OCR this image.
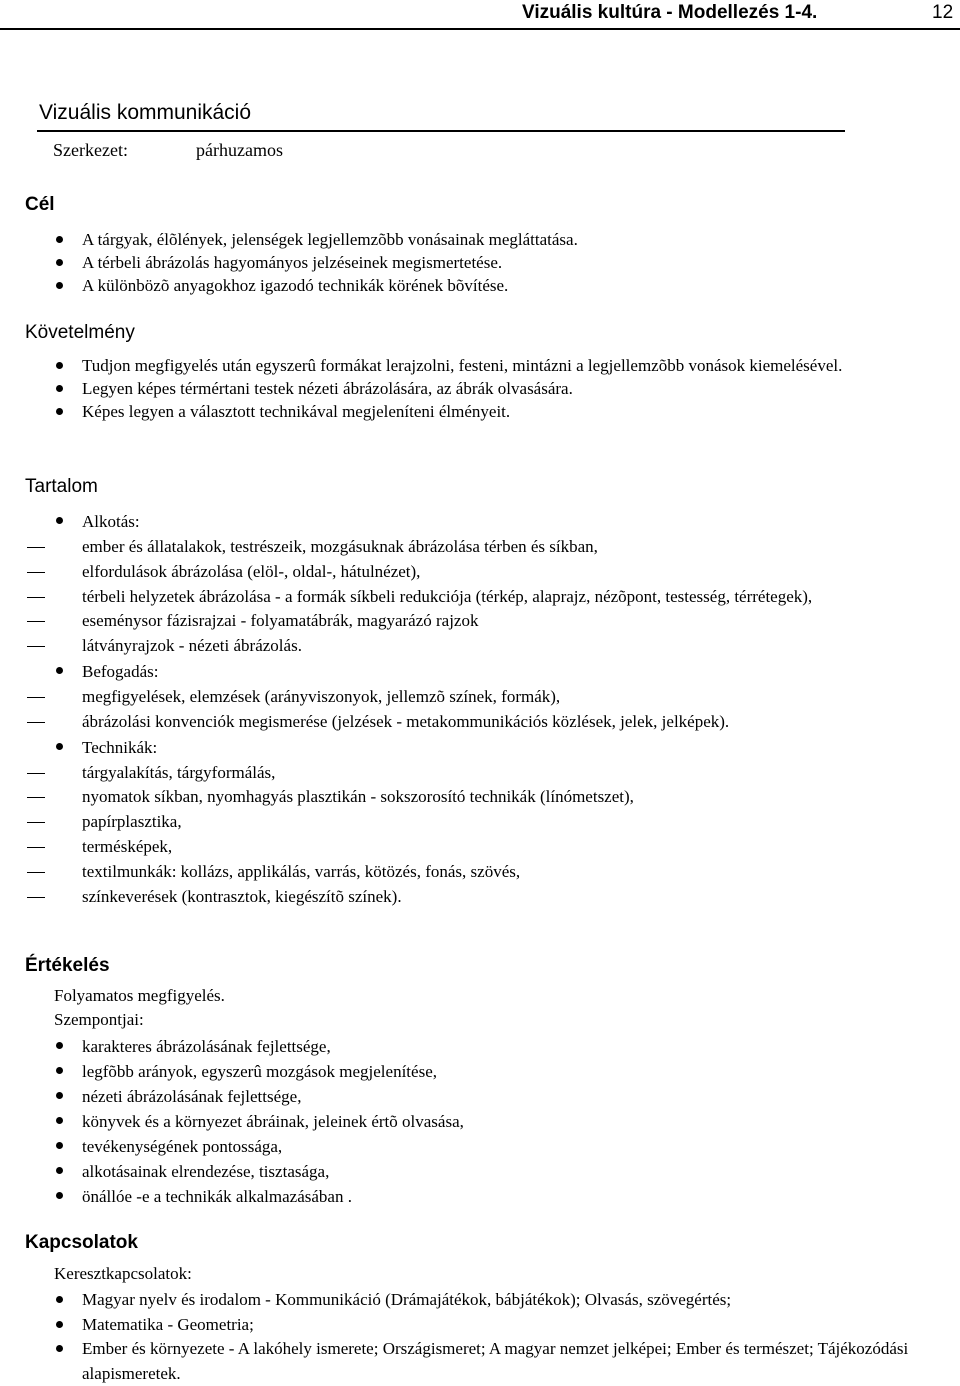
Vizuális kultúra - Modellezés 1-4.	12
Vizuális kommunikáció
Szerkezet:	párhuzamos
Cél
A tárgyak, élõlények, jelenségek legjellemzõbb vonásainak megláttatása.
A térbeli ábrázolás hagyományos jelzéseinek megismertetése.
A különbözõ anyagokhoz igazodó technikák körének bõvítése.
Követelmény
Tudjon megfigyelés után egyszerû formákat lerajzolni, festeni, mintázni a legjellemzõbb vonások kiemelésével.
Legyen képes térmértani testek nézeti ábrázolására, az ábrák olvasására.
Képes legyen a választott technikával megjeleníteni élményeit.
Tartalom
Alkotás:
ember és állatalakok, testrészeik, mozgásuknak ábrázolása térben és síkban,
elfordulások ábrázolása (elöl-, oldal-, hátulnézet),
térbeli helyzetek ábrázolása - a formák síkbeli redukciója (térkép, alaprajz, nézõpont, testesség, térrétegek),
eseménysor fázisrajzai - folyamatábrák, magyarázó rajzok
látványrajzok - nézeti ábrázolás.
Befogadás:
megfigyelések, elemzések (arányviszonyok, jellemzõ színek, formák),
ábrázolási konvenciók megismerése (jelzések - metakommunikációs közlések, jelek, jelképek).
Technikák:
tárgyalakítás, tárgyformálás,
nyomatok síkban, nyomhagyás plasztikán - sokszorosító technikák (línómetszet),
papírplasztika,
termésképek,
textilmunkák: kollázs, applikálás, varrás, kötözés, fonás, szövés,
színkeverések (kontrasztok, kiegészítõ színek).
Értékelés
Folyamatos megfigyelés.
Szempontjai:
karakteres ábrázolásának fejlettsége,
legfõbb arányok, egyszerû mozgások megjelenítése,
nézeti ábrázolásának fejlettsége,
könyvek és a környezet ábráinak, jeleinek értõ olvasása,
tevékenységének pontossága,
alkotásainak elrendezése, tisztasága,
önállóe -e a technikák alkalmazásában .
Kapcsolatok
Keresztkapcsolatok:
Magyar nyelv és irodalom - Kommunikáció (Drámajátékok, bábjátékok); Olvasás, szövegértés;
Matematika - Geometria;
Ember és környezete - A lakóhely ismerete; Országismeret; A magyar nemzet jelképei; Ember és természet; Tájékozódási alapismeretek.
